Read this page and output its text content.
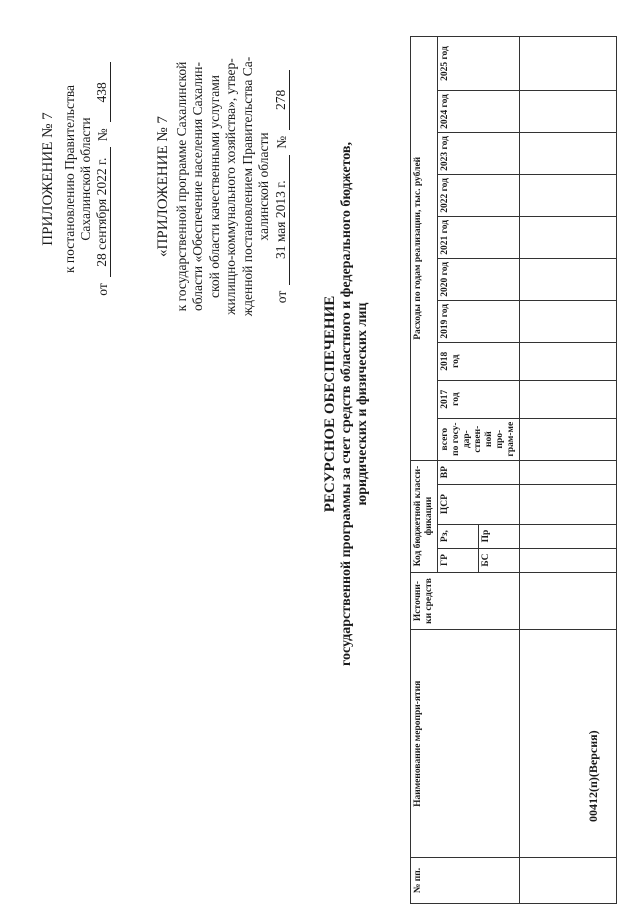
ПРИЛОЖЕНИЕ № 7 к постановлению Правительства Сахалинской области
от
28 сентября 2022 г.
№
438
«ПРИЛОЖЕНИЕ № 7 к государственной программе Сахалинской области «Обеспечение населения Сахалин- ской области качественными услугами жилищно-коммунального хозяйства», утвер- жденной постановлением Правительства Са- халинской области
от
31 мая 2013 г.
№
278
РЕСУРСНОЕ ОБЕСПЕЧЕНИЕ государственной программы за счет средств областного и федерального бюджетов, юридических и физических лиц
№ пп.	Наименование меропри-ятия	Источни-ки средств	Код бюджетной класси-фикации				Расходы по годам реализации, тыс. рублей									
			ГР	Рз,	ЦСР	ВР	всего по госу-дар-ствен-ной про-грам-ме	2017 год	2018 год	2019 год	2020 год	2021 год	2022 год	2023 год	2024 год	2025 год
			БС	Пр												

00412(п)(Версия)
